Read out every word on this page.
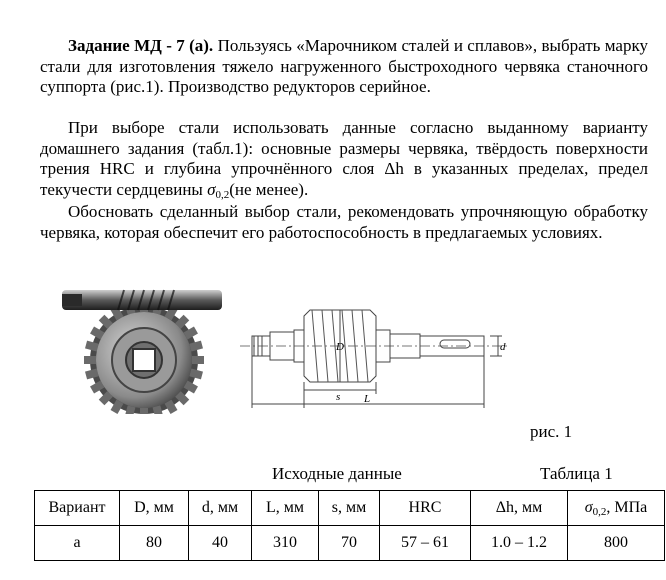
Задание МД - 7 (а). Пользуясь «Марочником сталей и сплавов», выбрать марку стали для изготовления тяжело нагруженного быстроходного червяка станочного суппорта (рис.1). Производство редукторов серийное.
При выборе стали использовать данные согласно выданному варианту домашнего задания (табл.1): основные размеры червяка, твёрдость поверхности трения HRC и глубина упрочнённого слоя Δh в указанных пределах, предел текучести сердцевины $\sigma_{0,2}(не$ менее).
Обосновать сделанный выбор стали, рекомендовать упрочняющую обработку червяка, которая обеспечит его работоспособность в предлагаемых условиях.
D
s L
d
рис. 1
Исходные данные	Таблица 1
Вариант	D, мм	d, мм	L, мм	s, мм	HRC	Δh, мм	$\sigma_{0,2}$, МПа
а	80	40	310	70	57 – 61	1.0 – 1.2	800
